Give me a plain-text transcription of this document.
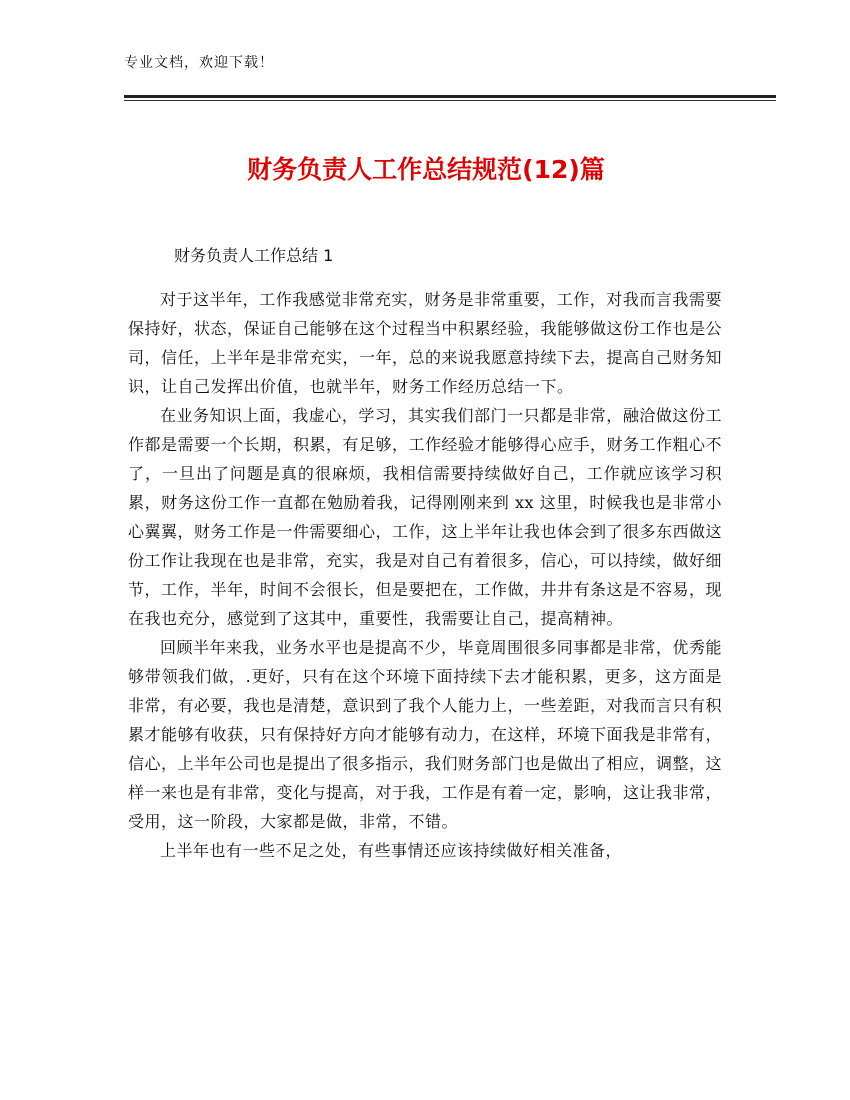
专业文档，欢迎下载！
财务负责人工作总结规范(12)篇
财务负责人工作总结 1

对于这半年，工作我感觉非常充实，财务是非常重要，工作，对我而言我需要保持好，状态，保证自己能够在这个过程当中积累经验，我能够做这份工作也是公司，信任，上半年是非常充实，一年，总的来说我愿意持续下去，提高自己财务知识，让自己发挥出价值，也就半年，财务工作经历总结一下。

在业务知识上面，我虚心，学习，其实我们部门一只都是非常，融洽做这份工作都是需要一个长期，积累，有足够，工作经验才能够得心应手，财务工作粗心不了，一旦出了问题是真的很麻烦，我相信需要持续做好自己，工作就应该学习积累，财务这份工作一直都在勉励着我，记得刚刚来到 xx 这里，时候我也是非常小心翼翼，财务工作是一件需要细心，工作，这上半年让我也体会到了很多东西做这份工作让我现在也是非常，充实，我是对自己有着很多，信心，可以持续，做好细节，工作，半年，时间不会很长，但是要把在，工作做，井井有条这是不容易，现在我也充分，感觉到了这其中，重要性，我需要让自己，提高精神。

回顾半年来我，业务水平也是提高不少，毕竟周围很多同事都是非常，优秀能够带领我们做，.更好，只有在这个环境下面持续下去才能积累，更多，这方面是非常，有必要，我也是清楚，意识到了我个人能力上，一些差距，对我而言只有积累才能够有收获，只有保持好方向才能够有动力，在这样，环境下面我是非常有，信心，上半年公司也是提出了很多指示，我们财务部门也是做出了相应，调整，这样一来也是有非常，变化与提高，对于我，工作是有着一定，影响，这让我非常，受用，这一阶段，大家都是做，非常，不错。

上半年也有一些不足之处，有些事情还应该持续做好相关准备，
